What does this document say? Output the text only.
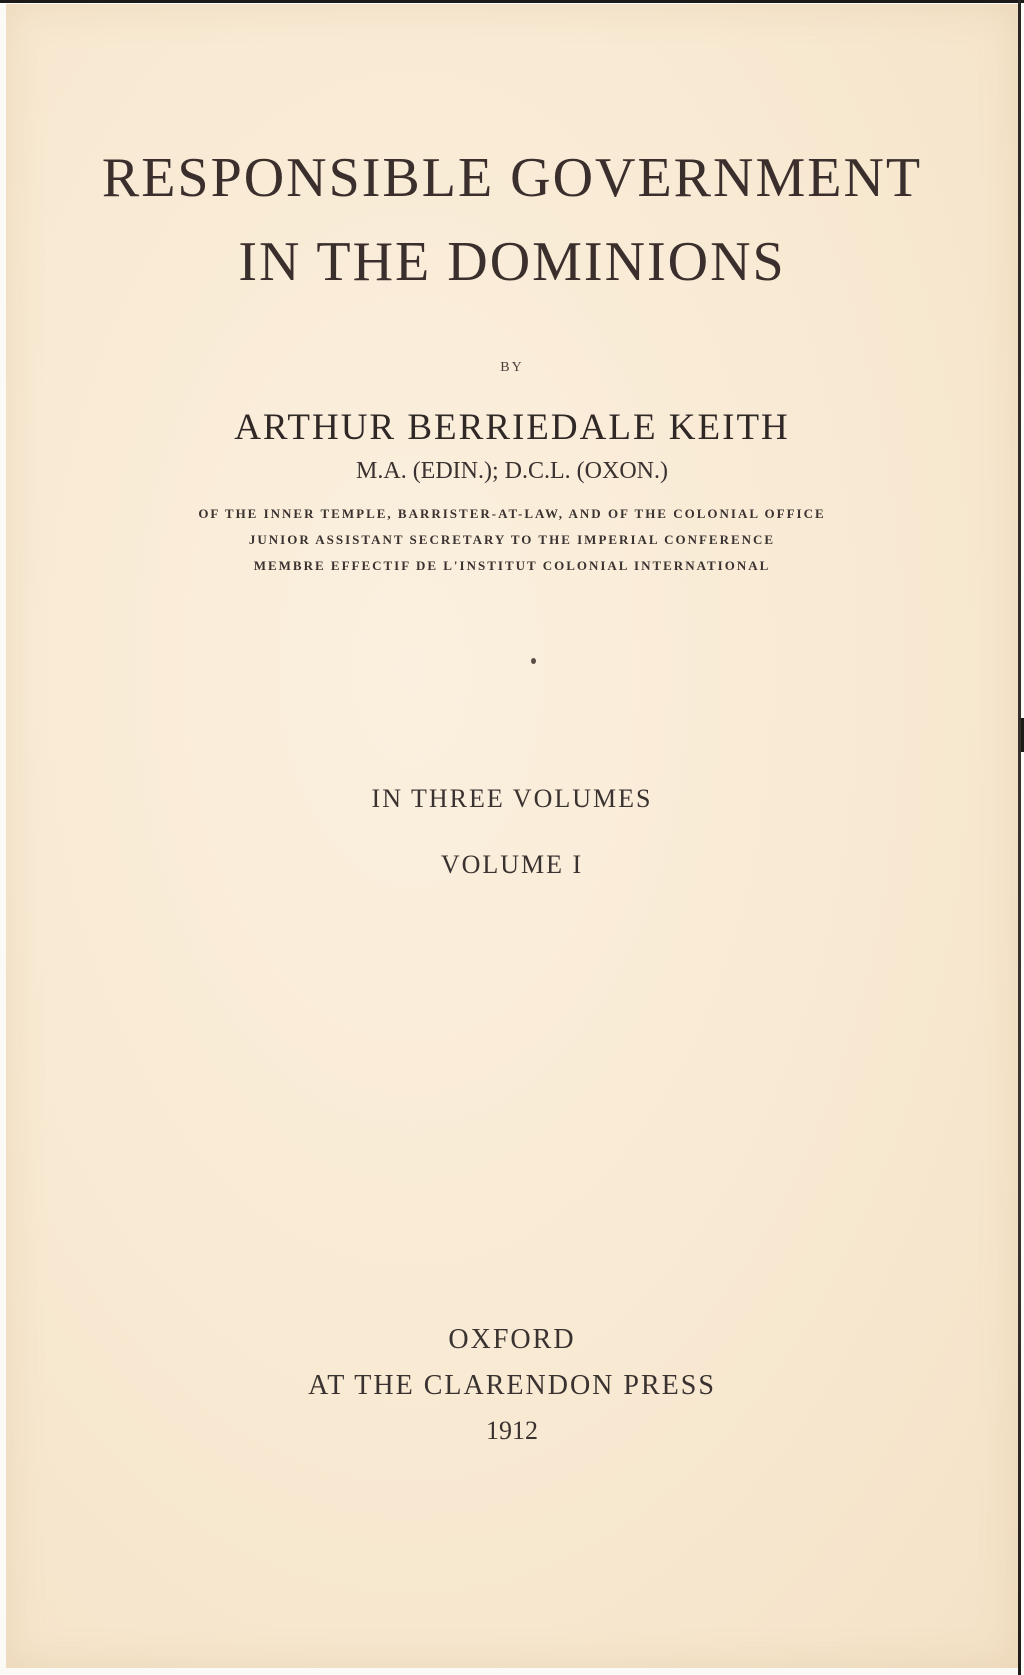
RESPONSIBLE GOVERNMENT
IN THE DOMINIONS
BY
ARTHUR BERRIEDALE KEITH
M.A. (EDIN.); D.C.L. (OXON.)
OF THE INNER TEMPLE, BARRISTER-AT-LAW, AND OF THE COLONIAL OFFICE
JUNIOR ASSISTANT SECRETARY TO THE IMPERIAL CONFERENCE
MEMBRE EFFECTIF DE L'INSTITUT COLONIAL INTERNATIONAL
IN THREE VOLUMES
VOLUME I
OXFORD
AT THE CLARENDON PRESS
1912
